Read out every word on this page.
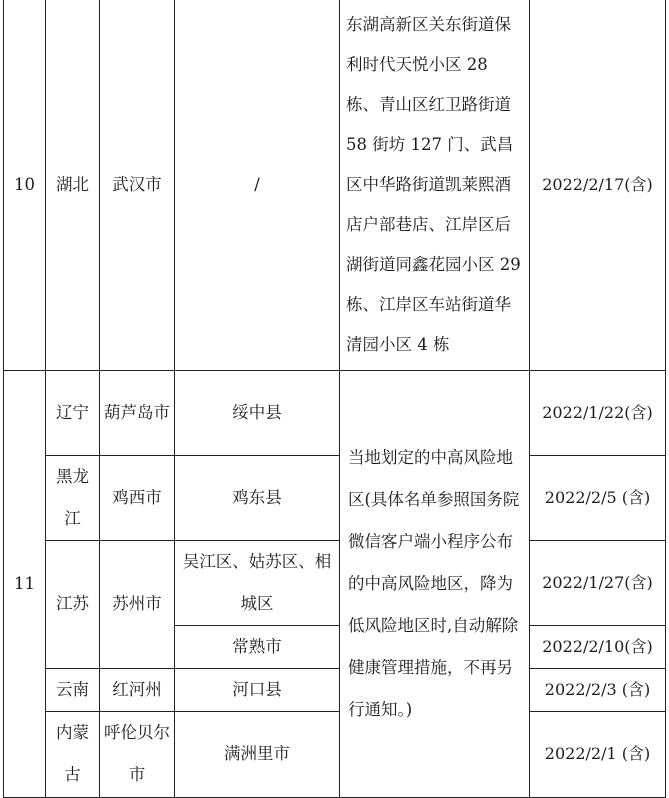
10	湖北	武汉市	/	东湖高新区关东街道保利时代天悦小区 28 栋、青山区红卫路街道 58 街坊 127 门、武昌区中华路街道凯莱熙酒店户部巷店、江岸区后湖街道同鑫花园小区 29 栋、江岸区车站街道华清园小区 4 栋	2022/2/17(含)
11	辽宁	葫芦岛市	绥中县	当地划定的中高风险地区(具体名单参照国务院微信客户端小程序公布的中高风险地区，降为低风险地区时,自动解除健康管理措施，不再另行通知。)	2022/1/22(含)
	黑龙江	鸡西市	鸡东县		2022/2/5 (含)
	江苏	苏州市	吴江区、姑苏区、相城区		2022/1/27(含)
			常熟市		2022/2/10(含)
	云南	红河州	河口县		2022/2/3 (含)
	内蒙古	呼伦贝尔市	满洲里市		2022/2/1 (含)
